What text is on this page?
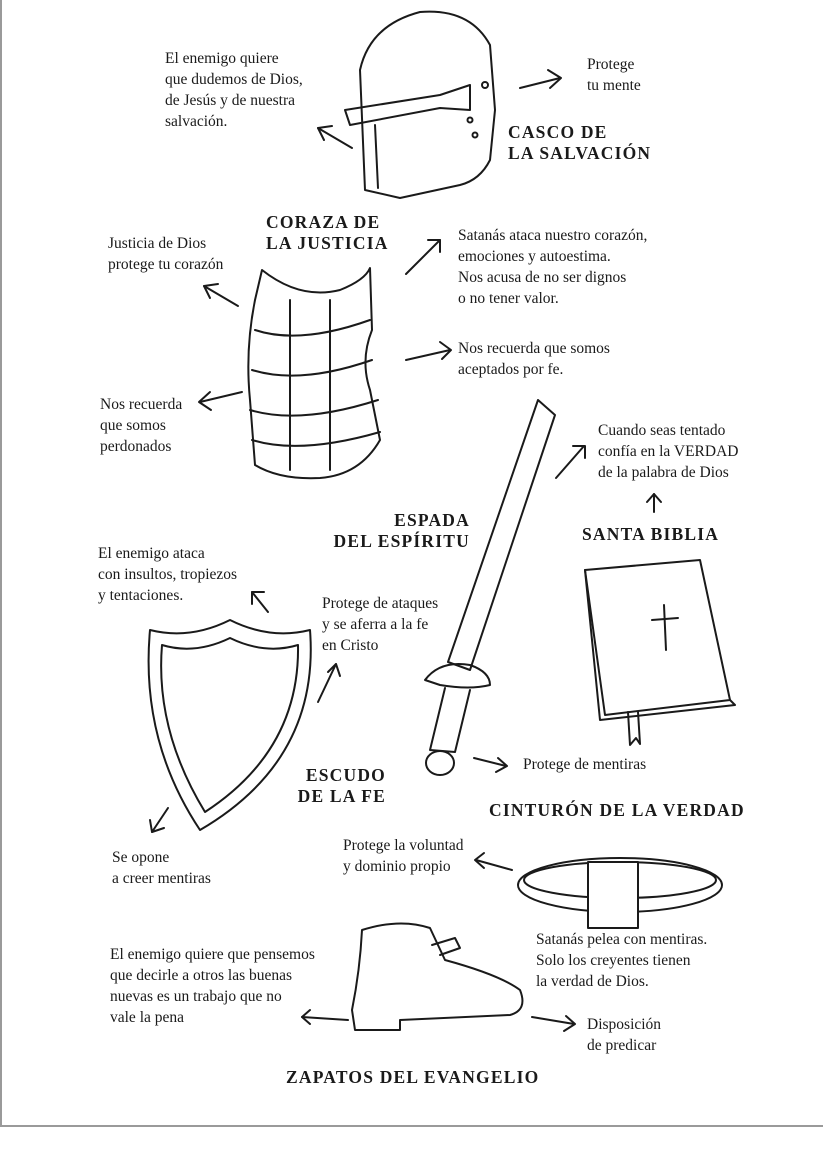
El enemigo quiere
que dudemos de Dios,
de Jesús y de nuestra
salvación.
Protege
tu mente
CASCO DE
LA SALVACIÓN
CORAZA DE
LA JUSTICIA
Justicia de Dios
protege tu corazón
Satanás ataca nuestro corazón,
emociones y autoestima.
Nos acusa de no ser dignos
o no tener valor.
Nos recuerda que somos
aceptados por fe.
Nos recuerda
que somos
perdonados
Cuando seas tentado
confía en la VERDAD
de la palabra de Dios
ESPADA
DEL ESPÍRITU	SANTA BIBLIA
El enemigo ataca
con insultos, tropiezos
y tentaciones.	Protege de ataques
y se aferra a la fe
en Cristo
ESCUDO
DE LA FE
Se opone
a creer mentiras
Protege de mentiras
CINTURÓN DE LA VERDAD
Protege la voluntad
y dominio propio
Satanás pelea con mentiras.
Solo los creyentes tienen
la verdad de Dios.
El enemigo quiere que pensemos
que decirle a otros las buenas
nuevas es un trabajo que no
vale la pena	Disposición
de predicar
ZAPATOS DEL EVANGELIO
